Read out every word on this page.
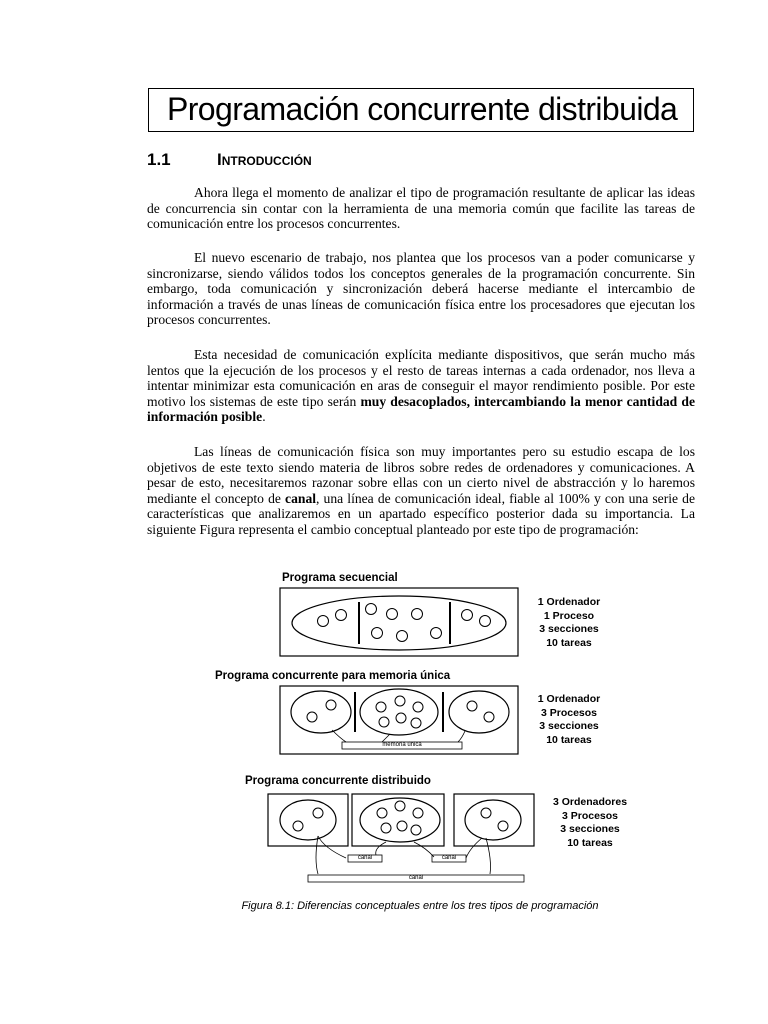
Programación concurrente distribuida
1.1	Introducción

Ahora llega el momento de analizar el tipo de programación resultante de aplicar las ideas de concurrencia sin contar con la herramienta de una memoria común que facilite las tareas de comunicación entre los procesos concurrentes.

El nuevo escenario de trabajo, nos plantea que los procesos van a poder comunicarse y sincronizarse, siendo válidos todos los conceptos generales de la programación concurrente. Sin embargo, toda comunicación y sincronización deberá hacerse mediante el intercambio de información a través de unas líneas de comunicación física entre los procesadores que ejecutan los procesos concurrentes.

Esta necesidad de comunicación explícita mediante dispositivos, que serán mucho más lentos que la ejecución de los procesos y el resto de tareas internas a cada ordenador, nos lleva a intentar minimizar esta comunicación en aras de conseguir el mayor rendimiento posible. Por este motivo los sistemas de este tipo serán muy desacoplados, intercambiando la menor cantidad de información posible.

Las líneas de comunicación física son muy importantes pero su estudio escapa de los objetivos de este texto siendo materia de libros sobre redes de ordenadores y comunicaciones. A pesar de esto, necesitaremos razonar sobre ellas con un cierto nivel de abstracción y lo haremos mediante el concepto de canal, una línea de comunicación ideal, fiable al 100% y con una serie de características que analizaremos en un apartado específico posterior dada su importancia. La siguiente Figura representa el cambio conceptual planteado por este tipo de programación:

Programa secuencial
1 Ordenador
1 Proceso
3 secciones
10 tareas
Programa concurrente para memoria única
1 Ordenador
3 Procesos
3 secciones
10 tareas
memoria única
Programa concurrente distribuido
3 Ordenadores
3 Procesos
3 secciones
10 tareas
canal	canal
canal
Figura 8.1: Diferencias conceptuales entre los tres tipos de programación
